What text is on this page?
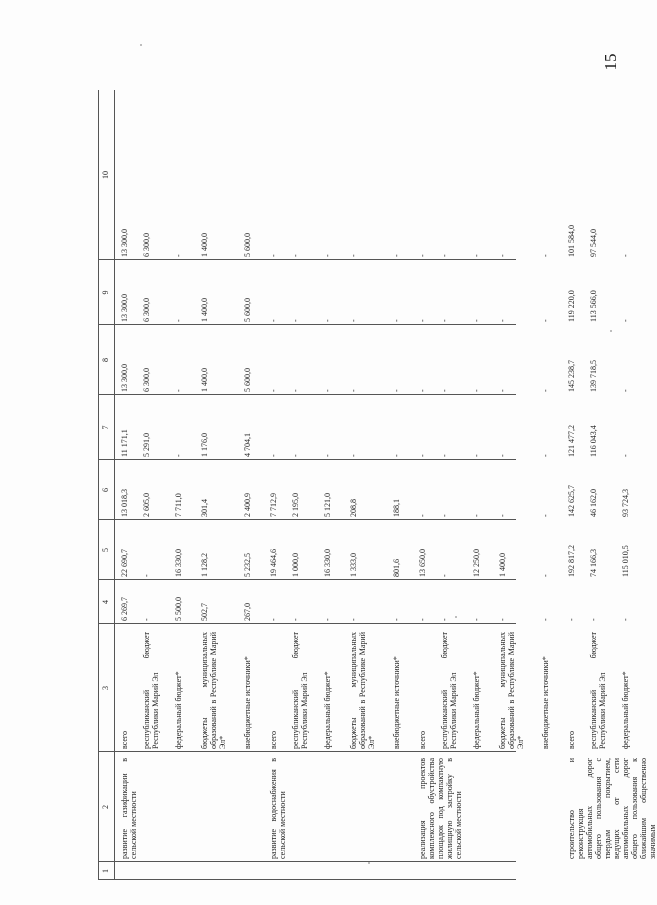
15
1
2
3
4
5
6
7
8
9
10
развитие газификации в сельской местности
всего
6 269,7
22 690,7
13 018,3
11 171,1
13 300,0
13 300,0
13 300,0
республиканский бюджет Республики Марий Эл
-
-
2 605,0
5 291,0
6 300,0
6 300,0
6 300,0
федеральный бюджет*
5 500,0
16 330,0
7 711,0
-
-
-
-
бюджеты муниципальных образований в Республике Марий Эл*
502,7
1 128,2
301,4
1 176,0
1 400,0
1 400,0
1 400,0
внебюджетные источники*
267,0
5 232,5
2 400,9
4 704,1
5 600,0
5 600,0
5 600,0
развитие водоснабжения в сельской местности
всего
-
19 464,6
7 712,9
-
-
-
-
республиканский бюджет Республики Марий Эл
-
1 000,0
2 195,0
-
-
-
-
федеральный бюджет*
-
16 330,0
5 121,0
-
-
-
-
бюджеты муниципальных образований в Республике Марий Эл*
-
1 333,0
208,8
-
-
-
-
внебюджетные источники*
-
801,6
188,1
-
-
-
-
реализация проектов комплексного обустройства площадок под компактную жилищную застройку в сельской местности
всего
-
13 650,0
-
-
-
-
-
республиканский бюджет Республики Марий Эл
-
-
-
-
-
-
-
федеральный бюджет*
-
12 250,0
-
-
-
-
-
бюджеты муниципальных образований в Республике Марий Эл*
-
1 400,0
-
-
-
-
-
внебюджетные источники*
-
-
-
-
-
-
-
строительство и реконструкция автомобильных дорог общего пользования с твердым покрытием, ведущих от сети автомобильных дорог общего пользования к ближайшим общественно значимым
всего
-
192 817,2
142 625,7
121 477,2
145 238,7
119 220,0
101 584,0
республиканский бюджет Республики Марий Эл
-
74 166,3
46 162,0
116 043,4
139 718,5
113 566,0
97 544,0
федеральный бюджет*
-
115 010,5
93 724,3
-
-
-
-
